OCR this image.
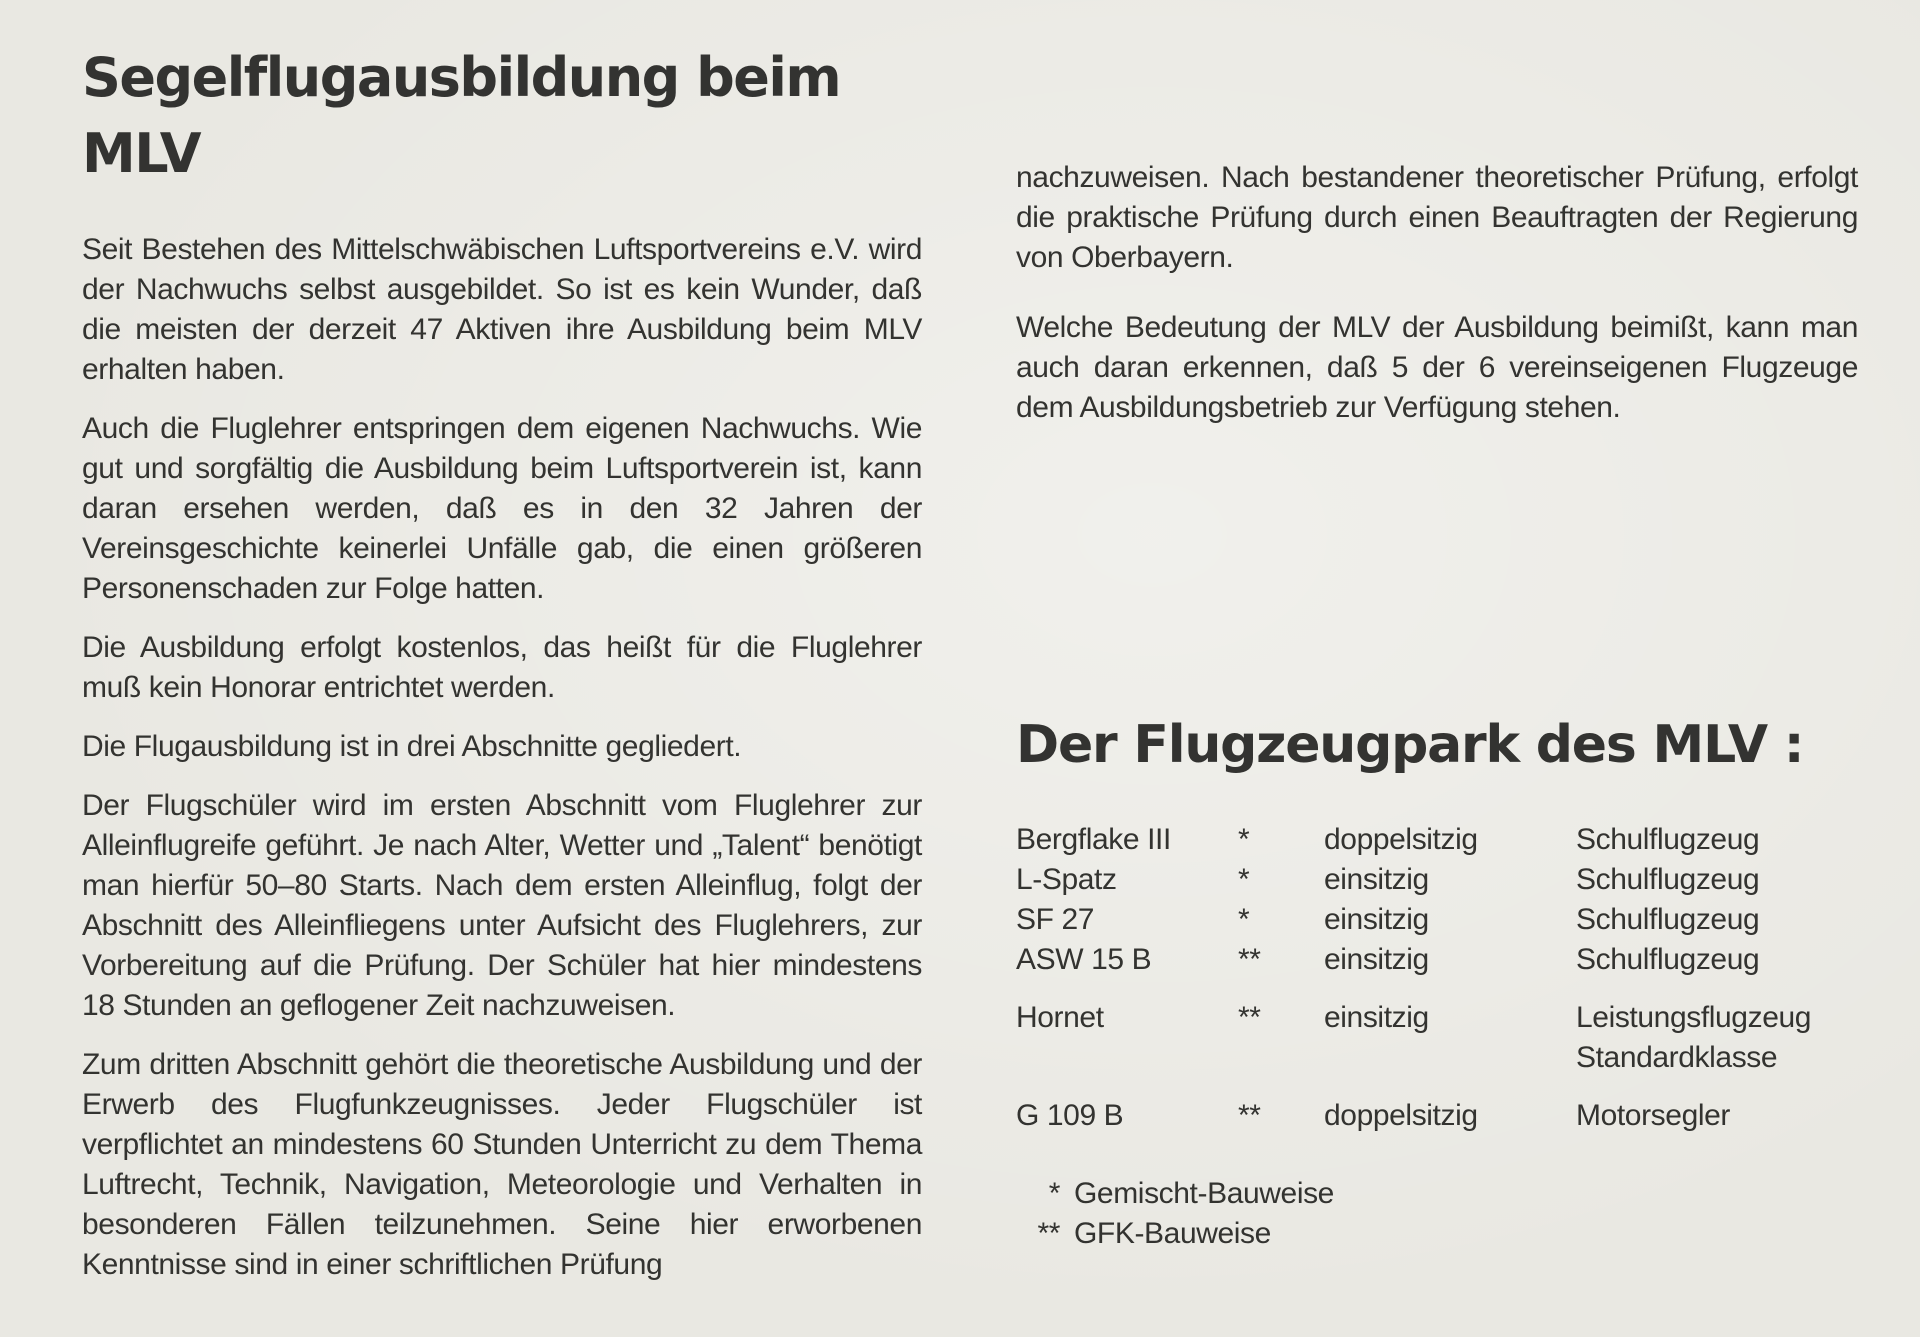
Segelflugausbildung beim MLV

Seit Bestehen des Mittelschwäbischen Luftsportvereins e.V. wird der Nachwuchs selbst ausgebildet. So ist es kein Wunder, daß die meisten der derzeit 47 Aktiven ihre Ausbildung beim MLV erhalten haben.

Auch die Fluglehrer entspringen dem eigenen Nachwuchs. Wie gut und sorgfältig die Ausbildung beim Luftsportverein ist, kann daran ersehen werden, daß es in den 32 Jahren der Vereinsgeschichte keinerlei Unfälle gab, die einen größeren Personenschaden zur Folge hatten.

Die Ausbildung erfolgt kostenlos, das heißt für die Fluglehrer muß kein Honorar entrichtet werden.

Die Flugausbildung ist in drei Abschnitte gegliedert.

Der Flugschüler wird im ersten Abschnitt vom Fluglehrer zur Alleinflugreife geführt. Je nach Alter, Wetter und „Talent“ benötigt man hierfür 50–80 Starts. Nach dem ersten Alleinflug, folgt der Abschnitt des Alleinfliegens unter Aufsicht des Fluglehrers, zur Vorbereitung auf die Prüfung. Der Schüler hat hier mindestens 18 Stunden an geflogener Zeit nachzuweisen.

Zum dritten Abschnitt gehört die theoretische Ausbildung und der Erwerb des Flugfunkzeugnisses. Jeder Flugschüler ist verpflichtet an mindestens 60 Stunden Unterricht zu dem Thema Luftrecht, Technik, Navigation, Meteorologie und Verhalten in besonderen Fällen teilzunehmen. Seine hier erworbenen Kenntnisse sind in einer schriftlichen Prüfung

nachzuweisen. Nach bestandener theoretischer Prüfung, erfolgt die praktische Prüfung durch einen Beauftragten der Regierung von Oberbayern.

Welche Bedeutung der MLV der Ausbildung beimißt, kann man auch daran erkennen, daß 5 der 6 vereinseigenen Flugzeuge dem Ausbildungsbetrieb zur Verfügung stehen.

Der Flugzeugpark des MLV :
Bergflake III	*	doppelsitzig	Schulflugzeug
L-Spatz	*	einsitzig	Schulflugzeug
SF 27	*	einsitzig	Schulflugzeug
ASW 15 B	**	einsitzig	Schulflugzeug
Hornet	**	einsitzig	Leistungsflugzeug
Standardklasse
G 109 B	**	doppelsitzig	Motorsegler
* Gemischt-Bauweise
** GFK-Bauweise
